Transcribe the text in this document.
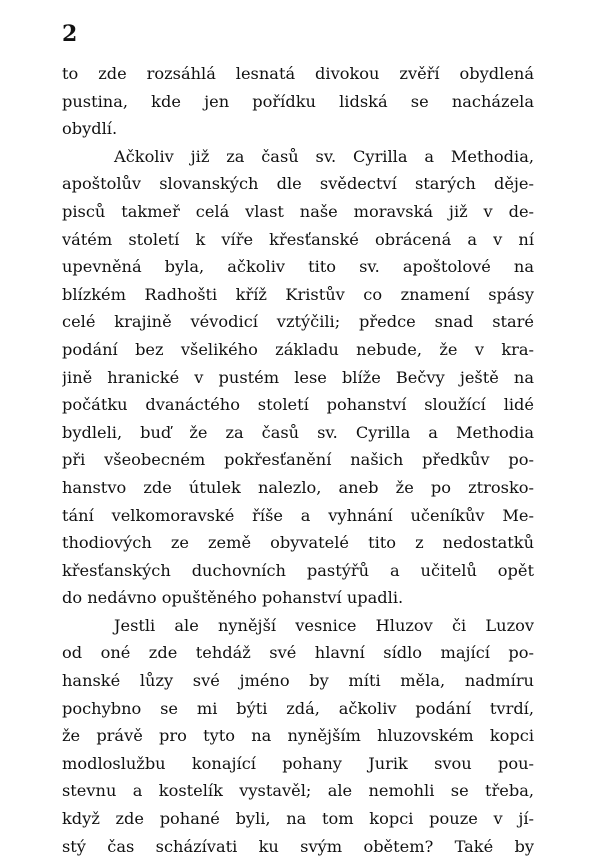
2
to zde rozsáhlá lesnatá divokou zvěří obydlená
pustina, kde jen pořídku lidská se nacházela
obydlí.
Ačkoliv již za časů sv. Cyrilla a Methodia,
apoštolův slovanských dle svědectví starých děje-
pisců takmeř celá vlast naše moravská již v de-
vátém století k víře křesťanské obrácená a v ní
upevněná byla, ačkoliv tito sv. apoštolové na
blízkém Radhošti kříž Kristův co znamení spásy
celé krajině vévodicí vztýčili; předce snad staré
podání bez všelikého základu nebude, že v kra-
jině hranické v pustém lese blíže Bečvy ještě na
počátku dvanáctého století pohanství sloužící lidé
bydleli, buď že za časů sv. Cyrilla a Methodia
při všeobecném pokřesťanění našich předkův po-
hanstvo zde útulek nalezlo, aneb že po ztrosko-
tání velkomoravské říše a vyhnání učeníkův Me-
thodiových ze země obyvatelé tito z nedostatků
křesťanských duchovních pastýřů a učitelů opět
do nedávno opuštěného pohanství upadli.
Jestli ale nynější vesnice Hluzov či Luzov
od oné zde tehdáž své hlavní sídlo mající po-
hanské lůzy své jméno by míti měla, nadmíru
pochybno se mi býti zdá, ačkoliv podání tvrdí,
že právě pro tyto na nynějším hluzovském kopci
modloslužbu konající pohany Jurik svou pou-
stevnu a kostelík vystavěl; ale nemohli se třeba,
když zde pohané byli, na tom kopci pouze v jí-
stý čas scházívati ku svým obětem? Také by
